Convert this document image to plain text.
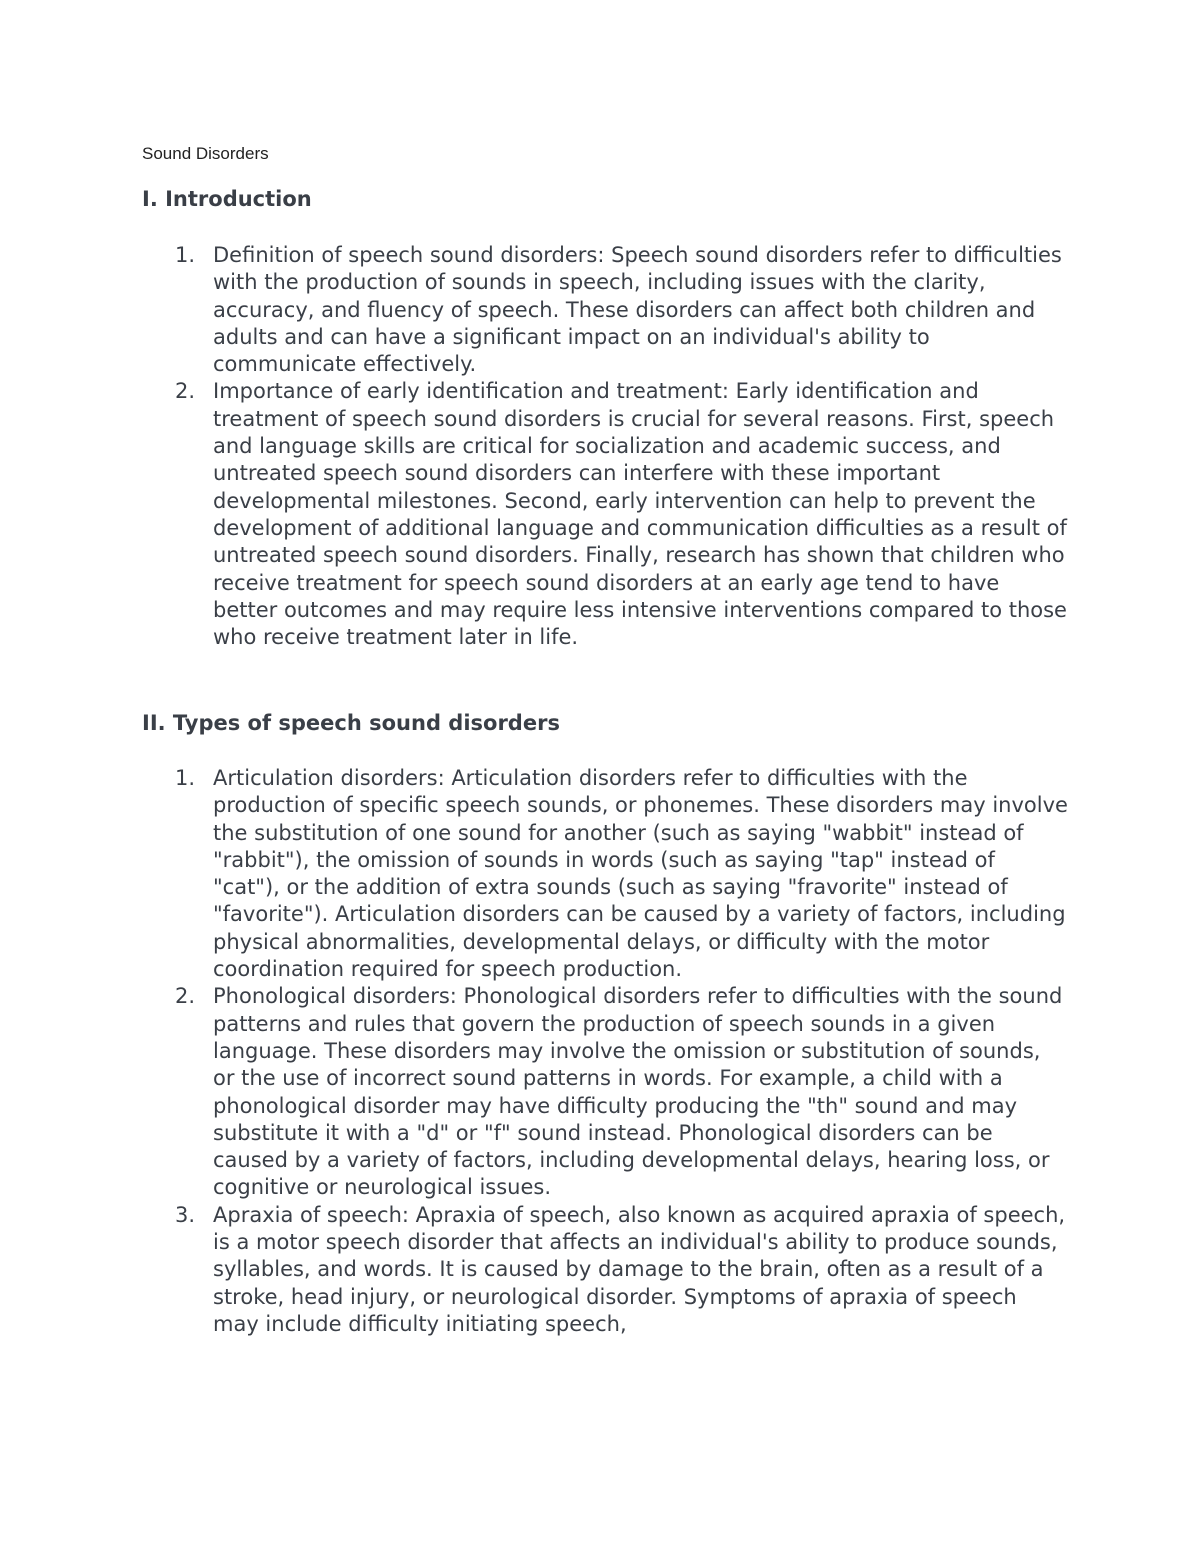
Sound Disorders

I. Introduction
1. Definition of speech sound disorders: Speech sound disorders refer to difficulties with the production of sounds in speech, including issues with the clarity, accuracy, and fluency of speech. These disorders can affect both children and adults and can have a significant impact on an individual's ability to communicate effectively.
2. Importance of early identification and treatment: Early identification and treatment of speech sound disorders is crucial for several reasons. First, speech and language skills are critical for socialization and academic success, and untreated speech sound disorders can interfere with these important developmental milestones. Second, early intervention can help to prevent the development of additional language and communication difficulties as a result of untreated speech sound disorders. Finally, research has shown that children who receive treatment for speech sound disorders at an early age tend to have better outcomes and may require less intensive interventions compared to those who receive treatment later in life.
II. Types of speech sound disorders
1. Articulation disorders: Articulation disorders refer to difficulties with the production of specific speech sounds, or phonemes. These disorders may involve the substitution of one sound for another (such as saying "wabbit" instead of "rabbit"), the omission of sounds in words (such as saying "tap" instead of "cat"), or the addition of extra sounds (such as saying "fravorite" instead of "favorite"). Articulation disorders can be caused by a variety of factors, including physical abnormalities, developmental delays, or difficulty with the motor coordination required for speech production.
2. Phonological disorders: Phonological disorders refer to difficulties with the sound patterns and rules that govern the production of speech sounds in a given language. These disorders may involve the omission or substitution of sounds, or the use of incorrect sound patterns in words. For example, a child with a phonological disorder may have difficulty producing the "th" sound and may substitute it with a "d" or "f" sound instead. Phonological disorders can be caused by a variety of factors, including developmental delays, hearing loss, or cognitive or neurological issues.
3. Apraxia of speech: Apraxia of speech, also known as acquired apraxia of speech, is a motor speech disorder that affects an individual's ability to produce sounds, syllables, and words. It is caused by damage to the brain, often as a result of a stroke, head injury, or neurological disorder. Symptoms of apraxia of speech may include difficulty initiating speech,
